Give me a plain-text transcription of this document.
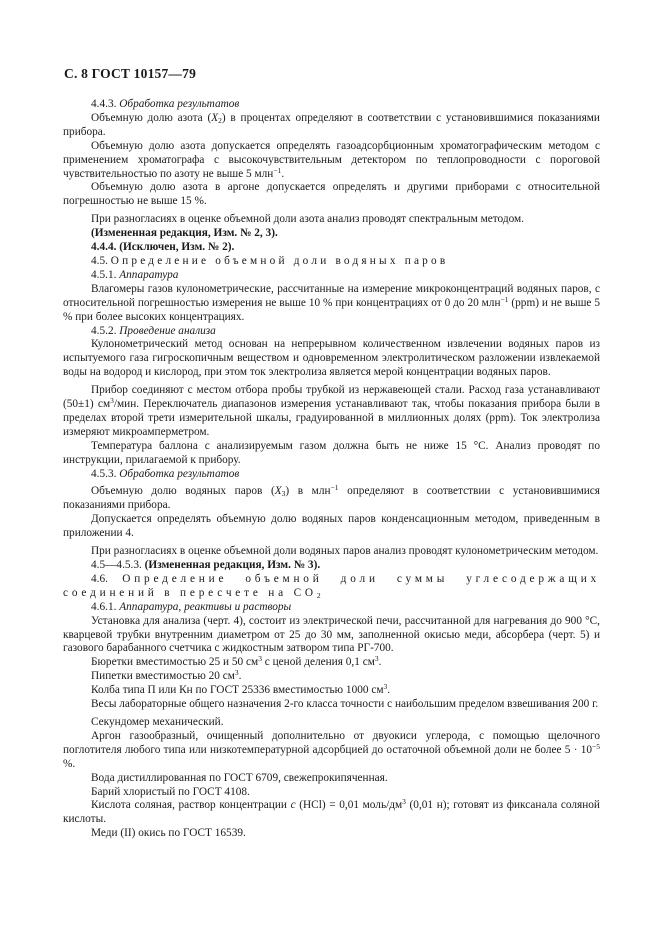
С. 8 ГОСТ 10157—79

4.4.3. Обработка результатов

Объемную долю азота $(X_2)$ в процентах определяют в соответствии с установившимися показаниями прибора.

Объемную долю азота допускается определять газоадсорбционным хроматографическим методом с применением хроматографа с высокочувствительным детектором по теплопроводности с пороговой чувствительностью по азоту не выше 5 млн$^{-1}$.

Объемную долю азота в аргоне допускается определять и другими приборами с относительной погрешностью не выше 15 %.

При разногласиях в оценке объемной доли азота анализ проводят спектральным методом.

(Измененная редакция, Изм. № 2, 3).

4.4.4. (Исключен, Изм. № 2).

4.5. Определение объемной доли водяных паров

4.5.1. Аппаратура

Влагомеры газов кулонометрические, рассчитанные на измерение микроконцентраций водяных паров, с относительной погрешностью измерения не выше 10 % при концентрациях от 0 до 20 млн$^{-1}$ (ppm) и не выше 5 % при более высоких концентрациях.

4.5.2. Проведение анализа

Кулонометрический метод основан на непрерывном количественном извлечении водяных паров из испытуемого газа гигроскопичным веществом и одновременном электролитическом разложении извлекаемой воды на водород и кислород, при этом ток электролиза является мерой концентрации водяных паров.

Прибор соединяют с местом отбора пробы трубкой из нержавеющей стали. Расход газа устанавливают (50±1) $см^3$/мин. Переключатель диапазонов измерения устанавливают так, чтобы показания прибора были в пределах второй трети измерительной шкалы, градуированной в миллионных долях (ppm). Ток электролиза измеряют микроамперметром.

Температура баллона с анализируемым газом должна быть не ниже 15 °С. Анализ проводят по инструкции, прилагаемой к прибору.

4.5.3. Обработка результатов

Объемную долю водяных паров $(X_3)$ в млн$^{-1}$ определяют в соответствии с установившимися показаниями прибора.

Допускается определять объемную долю водяных паров конденсационным методом, приведенным в приложении 4.

При разногласиях в оценке объемной доли водяных паров анализ проводят кулонометрическим методом.

4.5—4.5.3. (Измененная редакция, Изм. № 3).

4.6. Определение объемной доли суммы углесодержащих соединений в пересчете на $СО_2$

4.6.1. Аппаратура, реактивы и растворы

Установка для анализа (черт. 4), состоит из электрической печи, рассчитанной для нагревания до 900 °С, кварцевой трубки внутренним диаметром от 25 до 30 мм, заполненной окисью меди, абсорбера (черт. 5) и газового барабанного счетчика с жидкостным затвором типа РГ-700.

Бюретки вместимостью 25 и 50 $см^3$ с ценой деления 0,1 $см^3$.

Пипетки вместимостью 20 $см^3$.

Колба типа П или Кн по ГОСТ 25336 вместимостью 1000 $см^3$.

Весы лабораторные общего назначения 2-го класса точности с наибольшим пределом взвешивания 200 г.

Секундомер механический.

Аргон газообразный, очищенный дополнительно от двуокиси углерода, с помощью щелочного поглотителя любого типа или низкотемпературной адсорбцией до остаточной объемной доли не более $5 \cdot 10^{-5}$ %.

Вода дистиллированная по ГОСТ 6709, свежепрокипяченная.

Барий хлористый по ГОСТ 4108.

Кислота соляная, раствор концентрации с (HCl) = 0,01 моль/$дм^3$ (0,01 н); готовят из фиксанала соляной кислоты.

Меди (II) окись по ГОСТ 16539.
